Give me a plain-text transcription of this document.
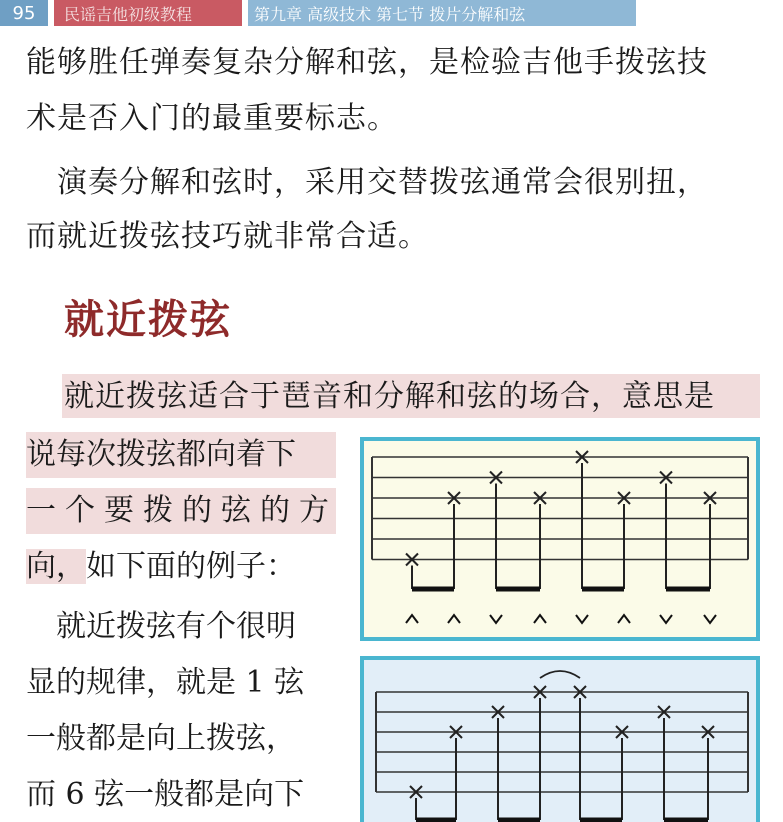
95	民谣吉他初级教程	第九章 高级技术 第七节 拨片分解和弦
能够胜任弹奏复杂分解和弦，是检验吉他手拨弦技
术是否入门的最重要标志。
　演奏分解和弦时，采用交替拨弦通常会很别扭，
而就近拨弦技巧就非常合适。
就近拨弦
就近拨弦适合于琶音和分解和弦的场合，意思是
说每次拨弦都向着下
一个要拨的弦的方
向，如下面的例子：
　就近拨弦有个很明
显的规律，就是 1 弦
一般都是向上拨弦，
而 6 弦一般都是向下
